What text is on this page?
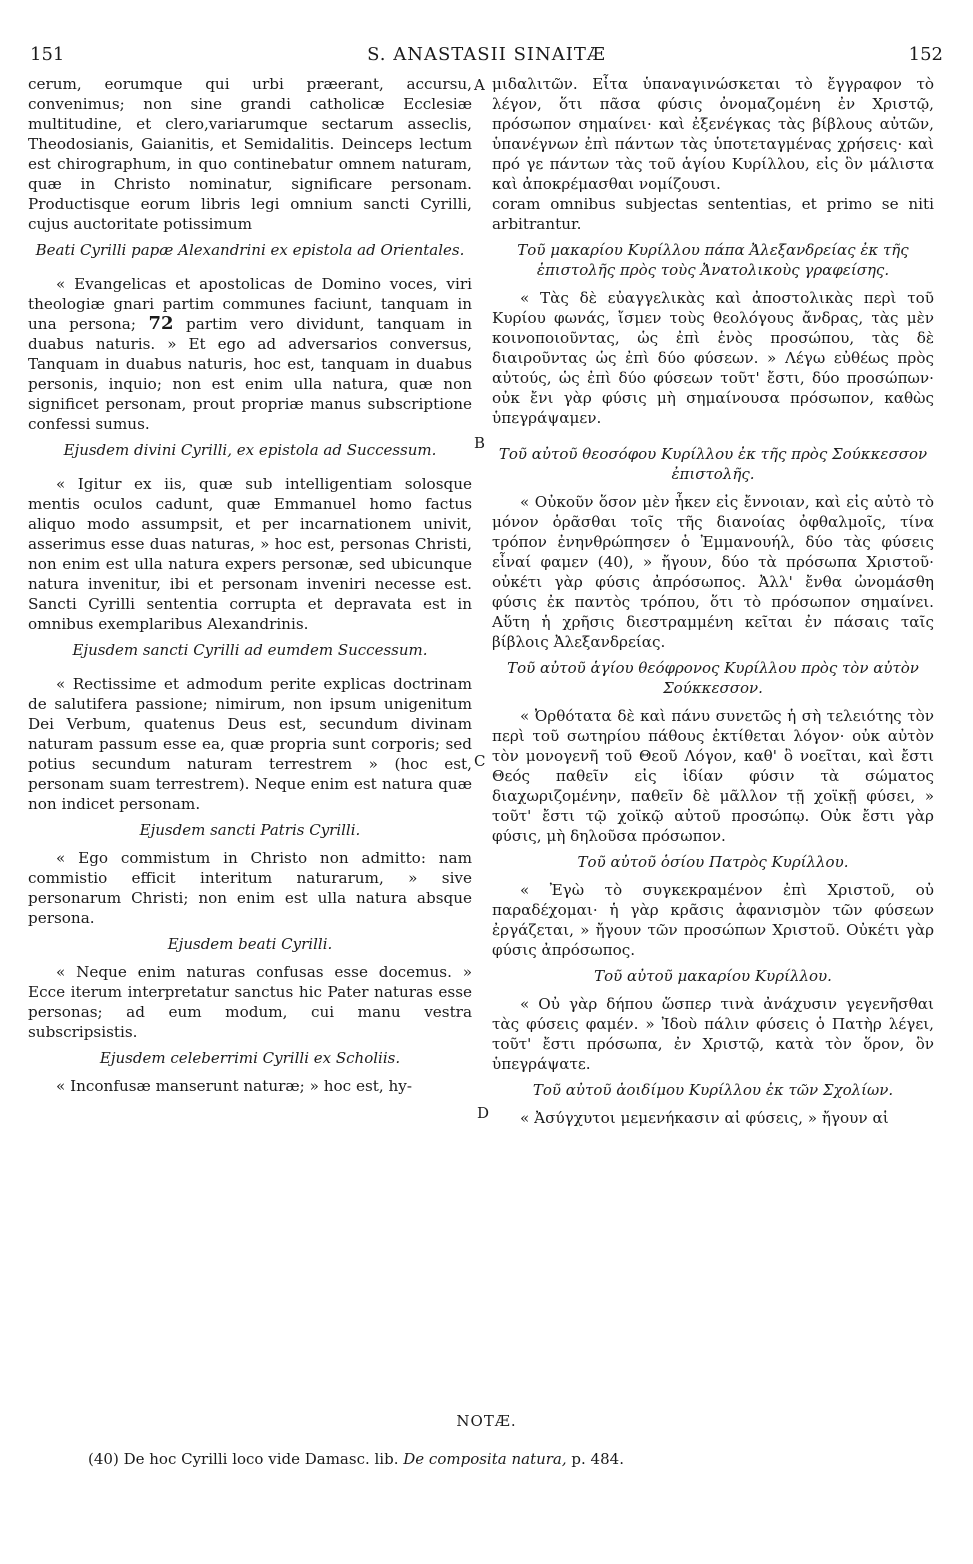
151	S. ANASTASII SINAITÆ	152
A
B
C
D

cerum, eorumque qui urbi præerant, accursu, convenimus; non sine grandi catholicæ Ecclesiæ multitudine, et clero,variarumque sectarum asseclis, Theodosianis, Gaianitis, et Semidalitis. Deinceps lectum est chirographum, in quo continebatur omnem naturam, quæ in Christo nominatur, significare personam. Productisque eorum libris legi omnium sancti Cyrilli, cujus auctoritate potissimum

Beati Cyrilli papæ Alexandrini ex epistola ad Orientales.

« Evangelicas et apostolicas de Domino voces, viri theologiæ gnari partim communes faciunt, tanquam in una persona; 72 partim vero dividunt, tanquam in duabus naturis. » Et ego ad adversarios conversus, Tanquam in duabus naturis, hoc est, tanquam in duabus personis, inquio; non est enim ulla natura, quæ non significet personam, prout propriæ manus subscriptione confessi sumus.

Ejusdem divini Cyrilli, ex epistola ad Successum.

« Igitur ex iis, quæ sub intelligentiam solosque mentis oculos cadunt, quæ Emmanuel homo factus aliquo modo assumpsit, et per incarnationem univit, asserimus esse duas naturas, » hoc est, personas Christi, non enim est ulla natura expers personæ, sed ubicunque natura invenitur, ibi et personam inveniri necesse est. Sancti Cyrilli sententia corrupta et depravata est in omnibus exemplaribus Alexandrinis.

Ejusdem sancti Cyrilli ad eumdem Successum.

« Rectissime et admodum perite explicas doctrinam de salutifera passione; nimirum, non ipsum unigenitum Dei Verbum, quatenus Deus est, secundum divinam naturam passum esse ea, quæ propria sunt corporis; sed potius secundum naturam terrestrem » (hoc est, personam suam terrestrem). Neque enim est natura quæ non indicet personam.

Ejusdem sancti Patris Cyrilli.

« Ego commistum in Christo non admitto: nam commistio efficit interitum naturarum, » sive personarum Christi; non enim est ulla natura absque persona.

Ejusdem beati Cyrilli.

« Neque enim naturas confusas esse docemus. » Ecce iterum interpretatur sanctus hic Pater naturas esse personas; ad eum modum, cui manu vestra subscripsistis.

Ejusdem celeberrimi Cyrilli ex Scholiis.

« Inconfusæ manserunt naturæ; » hoc est, hy-

μιδαλιτῶν. Εἶτα ὑπαναγινώσκεται τὸ ἔγγραφον τὸ λέγον, ὅτι πᾶσα φύσις ὀνομαζομένη ἐν Χριστῷ, πρόσωπον σημαίνει· καὶ ἐξενέγκας τὰς βίβλους αὐτῶν, ὑπανέγνων ἐπὶ πάντων τὰς ὑποτεταγμένας χρήσεις· καὶ πρό γε πάντων τὰς τοῦ ἁγίου Κυρίλλου, εἰς ὃν μάλιστα καὶ ἀποκρέμασθαι νομίζουσι.

coram omnibus subjectas sententias, et primo se niti arbitrantur.

Τοῦ μακαρίου Κυρίλλου πάπα Ἀλεξανδρείας ἐκ τῆς ἐπιστολῆς πρὸς τοὺς Ἀνατολικοὺς γραφείσης.

« Τὰς δὲ εὐαγγελικὰς καὶ ἀποστολικὰς περὶ τοῦ Κυρίου φωνάς, ἴσμεν τοὺς θεολόγους ἄνδρας, τὰς μὲν κοινοποιοῦντας, ὡς ἐπὶ ἑνὸς προσώπου, τὰς δὲ διαιροῦντας ὡς ἐπὶ δύο φύσεων. » Λέγω εὐθέως πρὸς αὐτούς, ὡς ἐπὶ δύο φύσεων τοῦτ' ἔστι, δύο προσώπων· οὐκ ἔνι γὰρ φύσις μὴ σημαίνουσα πρόσωπον, καθὼς ὑπεγράψαμεν.

Τοῦ αὐτοῦ θεοσόφου Κυρίλλου ἐκ τῆς πρὸς Σούκκεσσον ἐπιστολῆς.

« Οὐκοῦν ὅσον μὲν ἧκεν εἰς ἔννοιαν, καὶ εἰς αὐτὸ τὸ μόνον ὁρᾶσθαι τοῖς τῆς διανοίας ὀφθαλμοῖς, τίνα τρόπον ἐνηνθρώπησεν ὁ Ἐμμανουήλ, δύο τὰς φύσεις εἶναί φαμεν (40), » ἤγουν, δύο τὰ πρόσωπα Χριστοῦ· οὐκέτι γὰρ φύσις ἀπρόσωπος. Ἀλλ' ἔνθα ὠνομάσθη φύσις ἐκ παντὸς τρόπου, ὅτι τὸ πρόσωπον σημαίνει. Αὕτη ἡ χρῆσις διεστραμμένη κεῖται ἐν πάσαις ταῖς βίβλοις Ἀλεξανδρείας.

Τοῦ αὐτοῦ ἁγίου θεόφρονος Κυρίλλου πρὸς τὸν αὐτὸν Σούκκεσσον.

« Ὀρθότατα δὲ καὶ πάνυ συνετῶς ἡ σὴ τελειότης τὸν περὶ τοῦ σωτηρίου πάθους ἐκτίθεται λόγον· οὐκ αὐτὸν τὸν μονογενῆ τοῦ Θεοῦ Λόγον, καθ' ὃ νοεῖται, καὶ ἔστι Θεός παθεῖν εἰς ἰδίαν φύσιν τὰ σώματος διαχωριζομένην, παθεῖν δὲ μᾶλλον τῇ χοϊκῇ φύσει, » τοῦτ' ἔστι τῷ χοϊκῷ αὐτοῦ προσώπῳ. Οὐκ ἔστι γὰρ φύσις, μὴ δηλοῦσα πρόσωπον.

Τοῦ αὐτοῦ ὁσίου Πατρὸς Κυρίλλου.

« Ἐγὼ τὸ συγκεκραμένον ἐπὶ Χριστοῦ, οὐ παραδέχομαι· ἡ γὰρ κρᾶσις ἀφανισμὸν τῶν φύσεων ἐργάζεται, » ἤγουν τῶν προσώπων Χριστοῦ. Οὐκέτι γὰρ φύσις ἀπρόσωπος.

Τοῦ αὐτοῦ μακαρίου Κυρίλλου.

« Οὐ γὰρ δήπου ὥσπερ τινὰ ἀνάχυσιν γεγενῆσθαι τὰς φύσεις φαμέν. » Ἰδοὺ πάλιν φύσεις ὁ Πατὴρ λέγει, τοῦτ' ἔστι πρόσωπα, ἐν Χριστῷ, κατὰ τὸν ὅρον, ὃν ὑπεγράψατε.

Τοῦ αὐτοῦ ἀοιδίμου Κυρίλλου ἐκ τῶν Σχολίων.

« Ἀσύγχυτοι μεμενήκασιν αἱ φύσεις, » ἤγουν αἱ

NOTÆ.
(40) De hoc Cyrilli loco vide Damasc. lib. De composita natura, p. 484.
